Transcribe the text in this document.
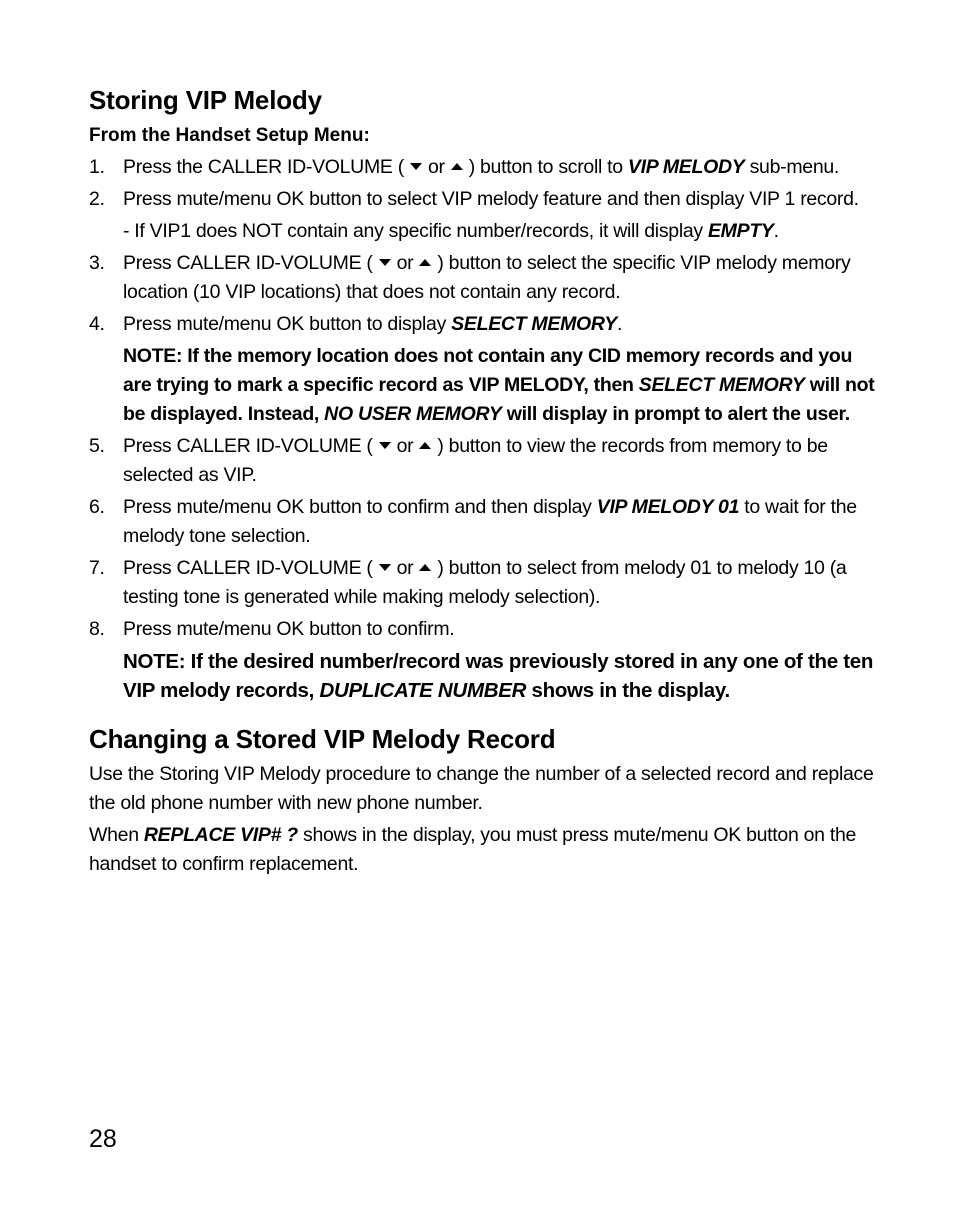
Storing VIP Melody
From the Handset Setup Menu:
1. Press the CALLER ID-VOLUME ( or ) button to scroll to VIP MELODY sub-menu.
2. Press mute/menu OK button to select VIP melody feature and then display VIP 1 record.
- If VIP1 does NOT contain any specific number/records, it will display EMPTY.
3. Press CALLER ID-VOLUME ( or ) button to select the specific VIP melody memory location (10 VIP locations) that does not contain any record.
4. Press mute/menu OK button to display SELECT MEMORY.
NOTE: If the memory location does not contain any CID memory records and you are trying to mark a specific record as VIP MELODY, then SELECT MEMORY will not be displayed. Instead, NO USER MEMORY will display in prompt to alert the user.
5. Press CALLER ID-VOLUME ( or ) button to view the records from memory to be selected as VIP.
6. Press mute/menu OK button to confirm and then display VIP MELODY 01 to wait for the melody tone selection.
7. Press CALLER ID-VOLUME ( or ) button to select from melody 01 to melody 10 (a testing tone is generated while making melody selection).
8. Press mute/menu OK button to confirm.
NOTE: If the desired number/record was previously stored in any one of the ten VIP melody records, DUPLICATE NUMBER shows in the display.
Changing a Stored VIP Melody Record
Use the Storing VIP Melody procedure to change the number of a selected record and replace the old phone number with new phone number.
When REPLACE VIP# ? shows in the display, you must press mute/menu OK button on the handset to confirm replacement.
28
